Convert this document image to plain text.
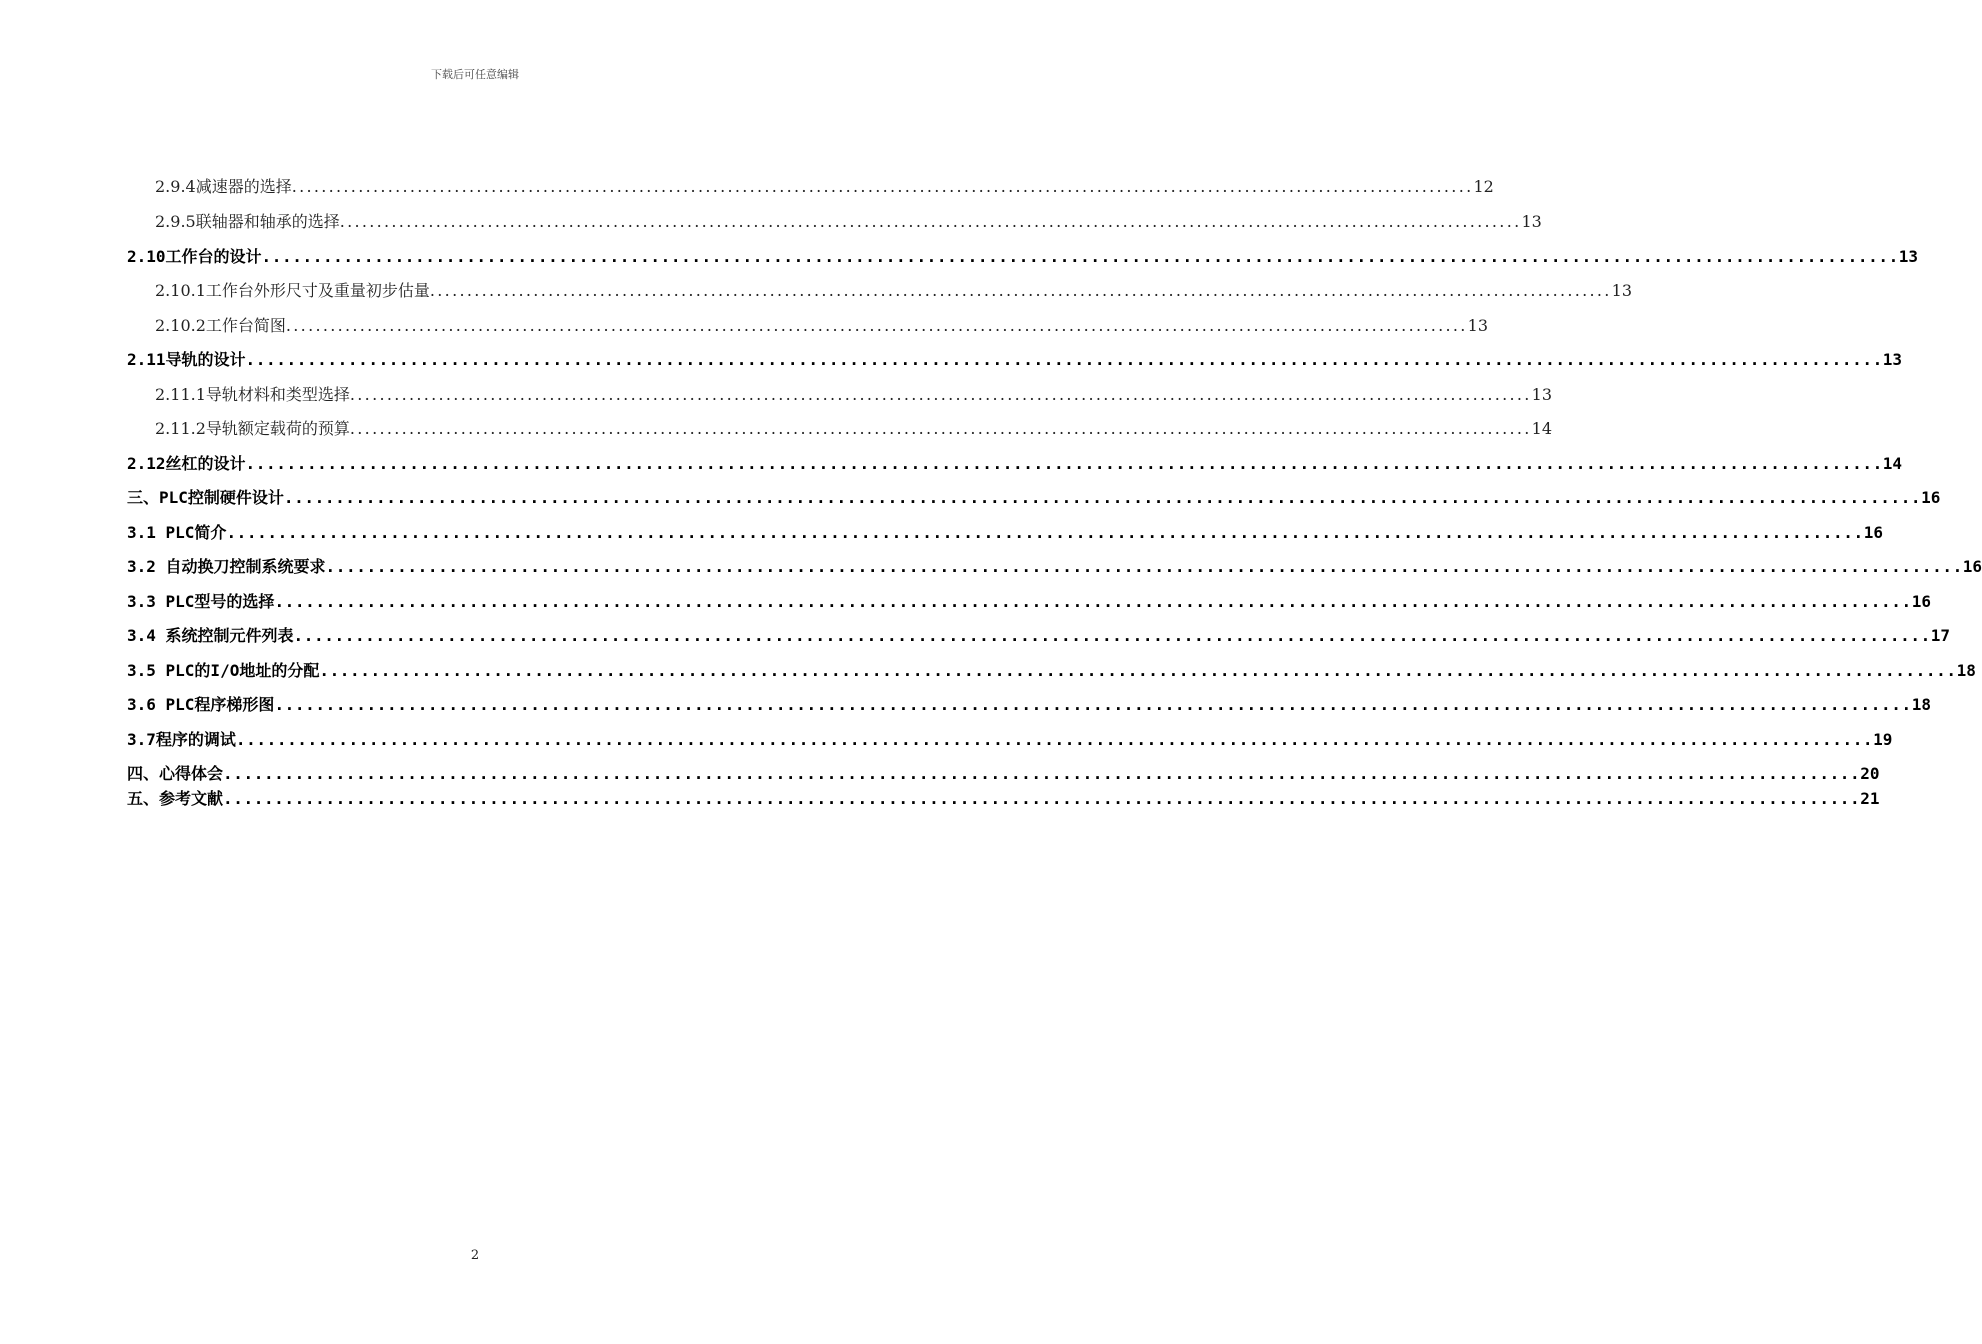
下载后可任意编辑
2.9.4减速器的选择 ................................................................................................................................................................ 12
2.9.5联轴器和轴承的选择 ................................................................................................................................................................ 13
2.10工作台的设计 ................................................................................................................................................................ 13
2.10.1工作台外形尺寸及重量初步估量 ................................................................................................................................................................ 13
2.10.2工作台简图 ................................................................................................................................................................ 13
2.11导轨的设计 ................................................................................................................................................................ 13
2.11.1导轨材料和类型选择 ................................................................................................................................................................ 13
2.11.2导轨额定载荷的预算 ................................................................................................................................................................ 14
2.12丝杠的设计 ................................................................................................................................................................ 14
三、PLC控制硬件设计 ................................................................................................................................................................ 16
3.1 PLC简介 ................................................................................................................................................................ 16
3.2 自动换刀控制系统要求 ................................................................................................................................................................ 16
3.3 PLC型号的选择 ................................................................................................................................................................ 16
3.4 系统控制元件列表 ................................................................................................................................................................ 17
3.5 PLC的I/O地址的分配 ................................................................................................................................................................ 18
3.6 PLC程序梯形图 ................................................................................................................................................................ 18
3.7程序的调试 ................................................................................................................................................................ 19
四、心得体会 ................................................................................................................................................................ 20
五、参考文献 ................................................................................................................................................................ 21
2
